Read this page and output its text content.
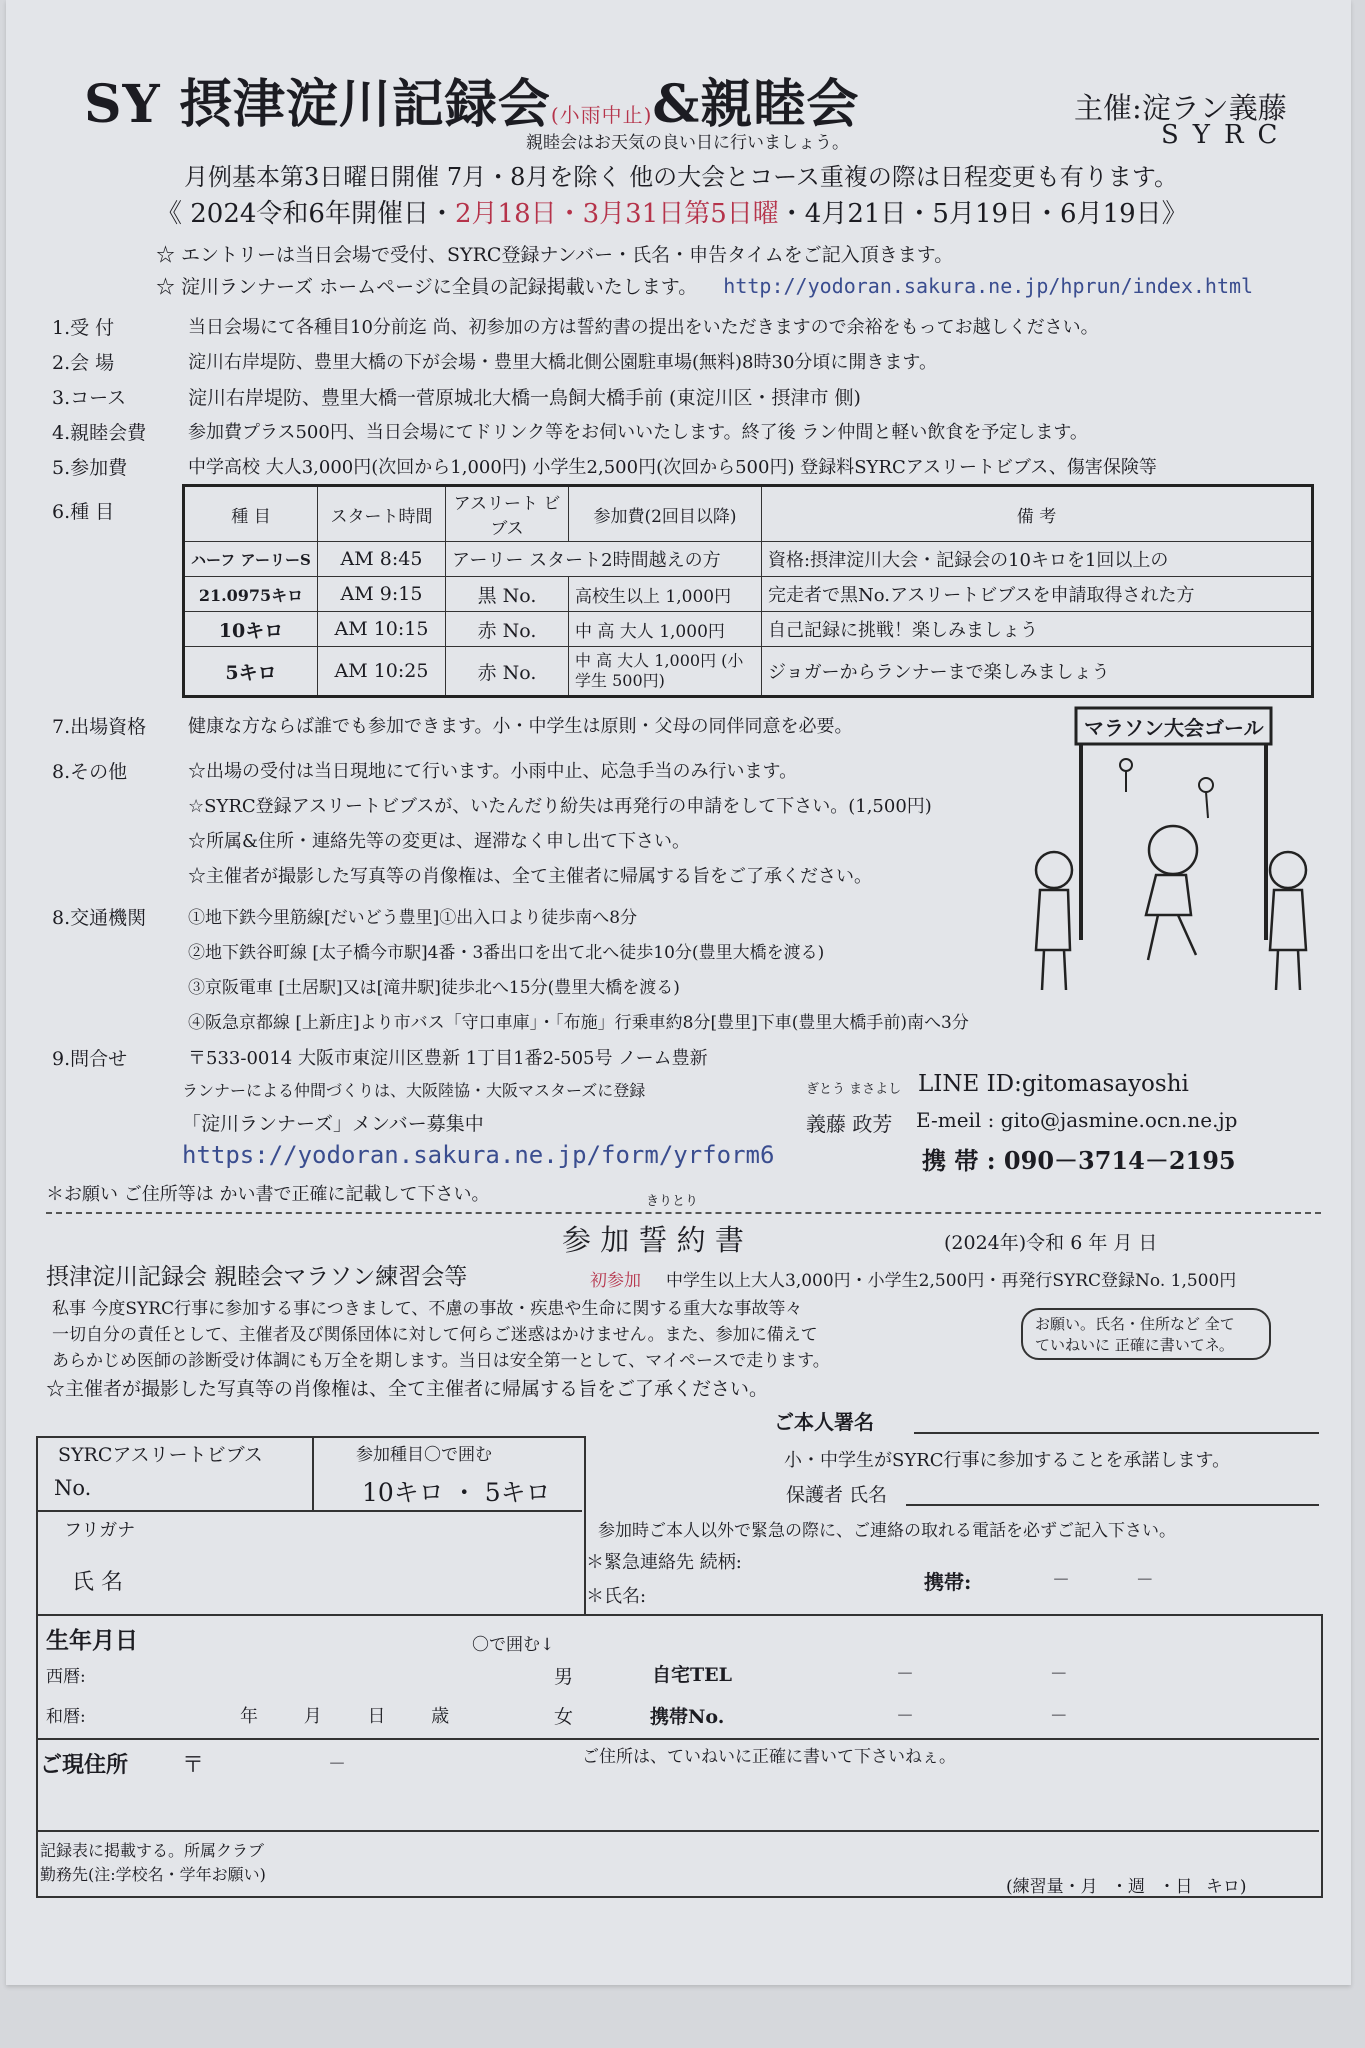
SY 摂津淀川記録会(小雨中止)&親睦会	主催:淀ラン義藤
SYRC
親睦会はお天気の良い日に行いましょう。
月例基本第3日曜日開催 7月・8月を除く 他の大会とコース重複の際は日程変更も有ります。
《 2024令和6年開催日・2月18日・3月31日第5日曜・4月21日・5月19日・6月19日》
☆ エントリーは当日会場で受付、SYRC登録ナンバー・氏名・申告タイムをご記入頂きます。
☆ 淀川ランナーズ ホームページに全員の記録掲載いたします。 http://yodoran.sakura.ne.jp/hprun/index.html
1.受 付	当日会場にて各種目10分前迄 尚、初参加の方は誓約書の提出をいただきますので余裕をもってお越しください。
2.会 場	淀川右岸堤防、豊里大橋の下が会場・豊里大橋北側公園駐車場(無料)8時30分頃に開きます。
3.コース	淀川右岸堤防、豊里大橋一菅原城北大橋一鳥飼大橋手前 (東淀川区・摂津市 側)
4.親睦会費 参加費プラス500円、当日会場にてドリンク等をお伺いいたします。終了後 ラン仲間と軽い飲食を予定します。
5.参加費	中学高校 大人3,000円(次回から1,000円) 小学生2,500円(次回から500円) 登録料SYRCアスリートビブス、傷害保険等
6.種 目	種 目	スタート時間	アスリート ビブス	参加費(2回目以降)	備 考
ハーフ アーリーS	AM 8:45	アーリー スタート2時間越えの方		資格:摂津淀川大会・記録会の10キロを1回以上の
21.0975キロ	AM 9:15	黒 No.	高校生以上 1,000円	完走者で黒No.アスリートビブスを申請取得された方
10キロ	AM 10:15	赤 No.	中 高 大人 1,000円	自己記録に挑戦！楽しみましょう
5キロ	AM 10:25	赤 No.	中 高 大人 1,000円 (小学生 500円)	ジョガーからランナーまで楽しみましょう
7.出場資格 健康な方ならば誰でも参加できます。小・中学生は原則・父母の同伴同意を必要。
8.その他	☆出場の受付は当日現地にて行います。小雨中止、応急手当のみ行います。
☆SYRC登録アスリートビブスが、いたんだり紛失は再発行の申請をして下さい。(1,500円)
☆所属&住所・連絡先等の変更は、遅滞なく申し出て下さい。
☆主催者が撮影した写真等の肖像権は、全て主催者に帰属する旨をご了承ください。
マラソン大会ゴール
8.交通機関 ①地下鉄今里筋線[だいどう豊里]①出入口より徒歩南へ8分
②地下鉄谷町線 [太子橋今市駅]4番・3番出口を出て北へ徒歩10分(豊里大橋を渡る)
③京阪電車 [土居駅]又は[滝井駅]徒歩北へ15分(豊里大橋を渡る)
④阪急京都線 [上新庄]より市バス「守口車庫」・「布施」行乗車約8分[豊里]下車(豊里大橋手前)南へ3分
9.問合せ	〒533-0014 大阪市東淀川区豊新 1丁目1番2-505号 ノーム豊新
ランナーによる仲間づくりは、大阪陸協・大阪マスターズに登録
「淀川ランナーズ」メンバー募集中
https://yodoran.sakura.ne.jp/form/yrform6
ぎとう まさよし LINE ID:gitomasayoshi
義藤 政芳 E-meil : gito@jasmine.ocn.ne.jp
携 帯 : 090－3714－2195
＊お願い ご住所等は かい書で正確に記載して下さい。	きりとり
参 加 誓 約 書	(2024年)令和 6 年 月 日
摂津淀川記録会 親睦会マラソン練習会等	初参加 中学生以上大人3,000円・小学生2,500円・再発行SYRC登録No. 1,500円
私事 今度SYRC行事に参加する事につきまして、不慮の事故・疾患や生命に関する重大な事故等々
一切自分の責任として、主催者及び関係団体に対して何らご迷惑はかけません。また、参加に備えて
あらかじめ医師の診断受け体調にも万全を期します。当日は安全第一として、マイペースで走ります。
☆主催者が撮影した写真等の肖像権は、全て主催者に帰属する旨をご了承ください。
お願い。氏名・住所など 全て
ていねいに 正確に書いてネ。
ご本人署名
SYRCアスリートビブス
No.
参加種目〇で囲む
10キロ ・ 5キロ
フリガナ
氏 名
小・中学生がSYRC行事に参加することを承諾します。
保護者 氏名
参加時ご本人以外で緊急の際に、ご連絡の取れる電話を必ずご記入下さい。
＊緊急連絡先 続柄:
＊氏名:
携帯:	－ －
生年月日	〇で囲む↓
西暦:
和暦:	年 月 日 歳
男
女
自宅TEL	－ －
携帯No.	－ －
ご現住所 〒	－	ご住所は、ていねいに正確に書いて下さいねぇ。
記録表に掲載する。所属クラブ
勤務先(注:学校名・学年お願い)
(練習量・月 ・週 ・日 キロ)
